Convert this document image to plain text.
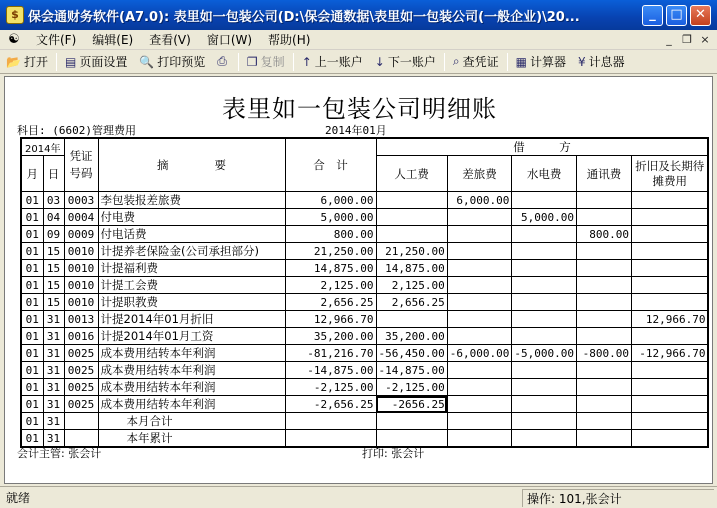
$ 保会通财务软件(A7.0): 表里如一包装公司(D:\保会通数据\表里如一包装公司(一般企业)\20...	_	□ ✕
☯	文件(F)	编辑(E)	查看(V)	窗口(W)	帮助(H)	_ ❐ ×
📂 打开 ▤ 页面设置 🔍 打印预览 ⎙ ❐ 复制 ↑ 上一账户 ↓ 下一账户 ⌕ 查凭证 ▦ 计算器 ¥ 计息器
表里如一包装公司明细账
科目: (6602)管理费用	2014年01月
2014年		凭证号码	摘　　　　要	合　计	借　　　方				
月	日				人工费	差旅费	水电费	通讯费	折旧及长期待摊费用

01	03	0003	李包装报差旅费	6,000.00		6,000.00			
01	04	0004	付电费	5,000.00			5,000.00		
01	09	0009	付电话费	800.00				800.00	
01	15	0010	计提养老保险金(公司承担部分)	21,250.00	21,250.00				
01	15	0010	计提福利费	14,875.00	14,875.00				
01	15	0010	计提工会费	2,125.00	2,125.00				
01	15	0010	计提职教费	2,656.25	2,656.25				
01	31	0013	计提2014年01月折旧	12,966.70					12,966.70
01	31	0016	计提2014年01月工资	35,200.00	35,200.00				
01	31	0025	成本费用结转本年利润	-81,216.70	-56,450.00	-6,000.00	-5,000.00	-800.00	-12,966.70
01	31	0025	成本费用结转本年利润	-14,875.00	-14,875.00				
01	31	0025	成本费用结转本年利润	-2,125.00	-2,125.00				
01	31	0025	成本费用结转本年利润	-2,656.25	-2656.25				
01	31		本月合计						
01	31		本年累计						
会计主管: 张会计	打印: 张会计
就绪	操作: 101,张会计
